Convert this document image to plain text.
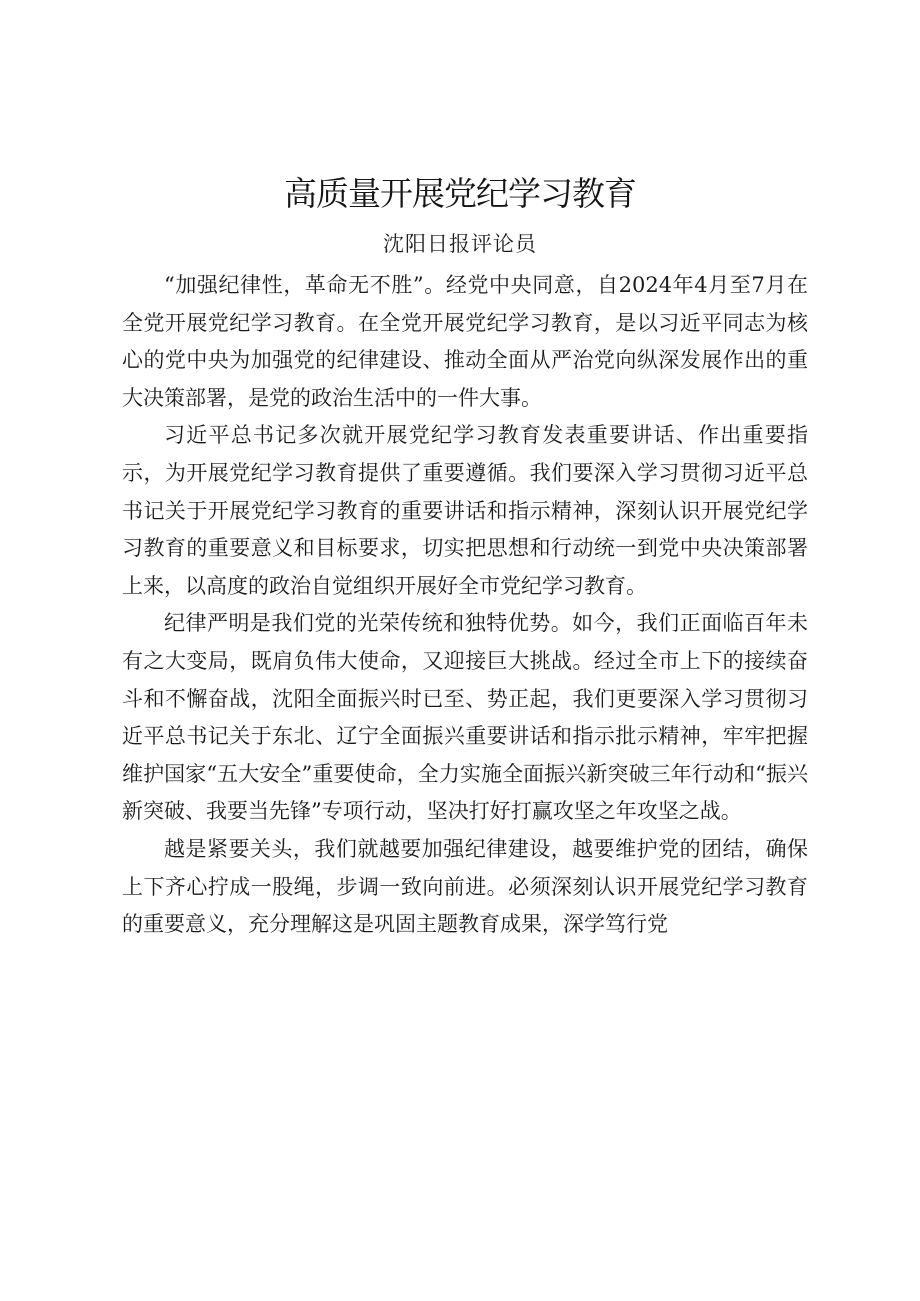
高质量开展党纪学习教育

沈阳日报评论员

“加强纪律性，革命无不胜”。经党中央同意，自2024年4月至7月在全党开展党纪学习教育。在全党开展党纪学习教育，是以习近平同志为核心的党中央为加强党的纪律建设、推动全面从严治党向纵深发展作出的重大决策部署，是党的政治生活中的一件大事。

习近平总书记多次就开展党纪学习教育发表重要讲话、作出重要指示，为开展党纪学习教育提供了重要遵循。我们要深入学习贯彻习近平总书记关于开展党纪学习教育的重要讲话和指示精神，深刻认识开展党纪学习教育的重要意义和目标要求，切实把思想和行动统一到党中央决策部署上来，以高度的政治自觉组织开展好全市党纪学习教育。

纪律严明是我们党的光荣传统和独特优势。如今，我们正面临百年未有之大变局，既肩负伟大使命，又迎接巨大挑战。经过全市上下的接续奋斗和不懈奋战，沈阳全面振兴时已至、势正起，我们更要深入学习贯彻习近平总书记关于东北、辽宁全面振兴重要讲话和指示批示精神，牢牢把握维护国家“五大安全”重要使命，全力实施全面振兴新突破三年行动和“振兴新突破、我要当先锋”专项行动，坚决打好打赢攻坚之年攻坚之战。

越是紧要关头，我们就越要加强纪律建设，越要维护党的团结，确保上下齐心拧成一股绳，步调一致向前进。必须深刻认识开展党纪学习教育的重要意义，充分理解这是巩固主题教育成果，深学笃行党
